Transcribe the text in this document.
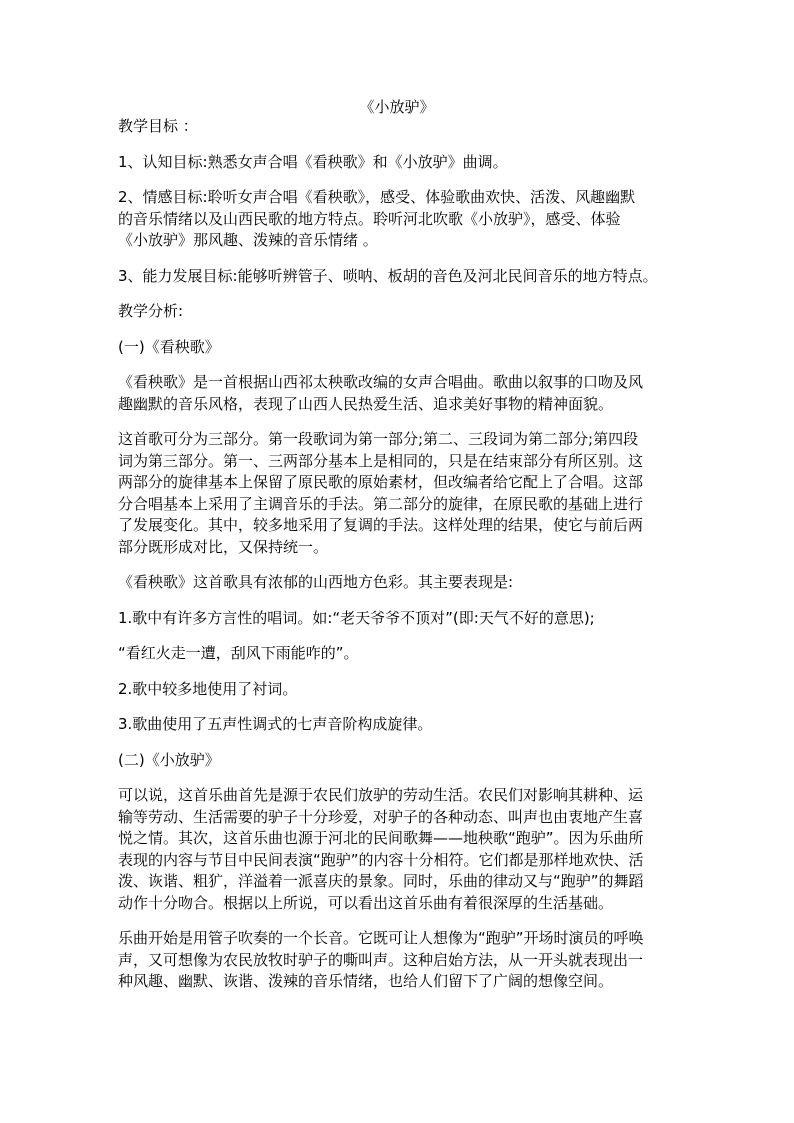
《小放驴》
教学目标 ：
1、认知目标:熟悉女声合唱《看秧歌》和《小放驴》曲调。
2、情感目标:聆听女声合唱《看秧歌》，感受、体验歌曲欢快、活泼、风趣幽默
的音乐情绪以及山西民歌的地方特点。聆听河北吹歌《小放驴》，感受、体验
《小放驴》那风趣、泼辣的音乐情绪 。
3、能力发展目标:能够听辨管子、唢呐、板胡的音色及河北民间音乐的地方特点。
教学分析:
(一)《看秧歌》
《看秧歌》是一首根据山西祁太秧歌改编的女声合唱曲。歌曲以叙事的口吻及风
趣幽默的音乐风格，表现了山西人民热爱生活、追求美好事物的精神面貌。
这首歌可分为三部分。第一段歌词为第一部分;第二、三段词为第二部分;第四段
词为第三部分。第一、三两部分基本上是相同的，只是在结束部分有所区别。这
两部分的旋律基本上保留了原民歌的原始素材，但改编者给它配上了合唱。这部
分合唱基本上采用了主调音乐的手法。第二部分的旋律，在原民歌的基础上进行
了发展变化。其中，较多地采用了复调的手法。这样处理的结果，使它与前后两
部分既形成对比，又保持统一。
《看秧歌》这首歌具有浓郁的山西地方色彩。其主要表现是:
1.歌中有许多方言性的唱词。如:“老天爷爷不顶对”(即:天气不好的意思);
“看红火走一遭，刮风下雨能咋的”。
2.歌中较多地使用了衬词。
3.歌曲使用了五声性调式的七声音阶构成旋律。
(二)《小放驴》
可以说，这首乐曲首先是源于农民们放驴的劳动生活。农民们对影响其耕种、运
输等劳动、生活需要的驴子十分珍爱，对驴子的各种动态、叫声也由衷地产生喜
悦之情。其次，这首乐曲也源于河北的民间歌舞——地秧歌“跑驴”。因为乐曲所
表现的内容与节目中民间表演“跑驴”的内容十分相符。它们都是那样地欢快、活
泼、诙谐、粗犷，洋溢着一派喜庆的景象。同时，乐曲的律动又与“跑驴”的舞蹈
动作十分吻合。根据以上所说，可以看出这首乐曲有着很深厚的生活基础。
乐曲开始是用管子吹奏的一个长音。它既可让人想像为“跑驴”开场时演员的呼唤
声，又可想像为农民放牧时驴子的嘶叫声。这种启始方法，从一开头就表现出一
种风趣、幽默、诙谐、泼辣的音乐情绪，也给人们留下了广阔的想像空间。
